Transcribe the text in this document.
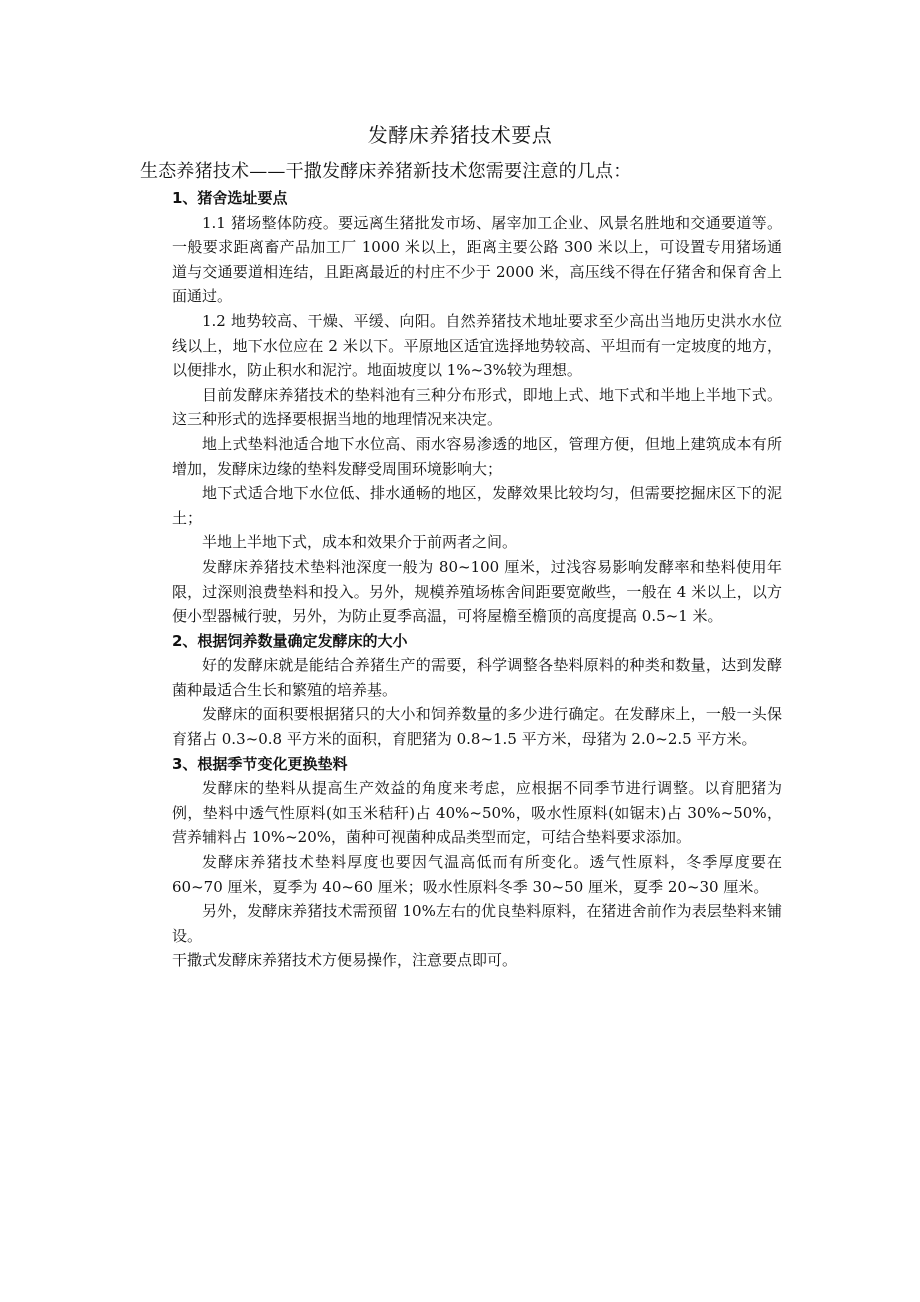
发酵床养猪技术要点
生态养猪技术——干撒发酵床养猪新技术您需要注意的几点：
1、猪舍选址要点

1.1 猪场整体防疫。要远离生猪批发市场、屠宰加工企业、风景名胜地和交通要道等。一般要求距离畜产品加工厂 1000 米以上，距离主要公路 300 米以上，可设置专用猪场通道与交通要道相连结，且距离最近的村庄不少于 2000 米，高压线不得在仔猪舍和保育舍上面通过。

1.2 地势较高、干燥、平缓、向阳。自然养猪技术地址要求至少高出当地历史洪水水位线以上，地下水位应在 2 米以下。平原地区适宜选择地势较高、平坦而有一定坡度的地方，以便排水，防止积水和泥泞。地面坡度以 1%~3%较为理想。

目前发酵床养猪技术的垫料池有三种分布形式，即地上式、地下式和半地上半地下式。这三种形式的选择要根据当地的地理情况来决定。

地上式垫料池适合地下水位高、雨水容易渗透的地区，管理方便，但地上建筑成本有所增加，发酵床边缘的垫料发酵受周围环境影响大；

地下式适合地下水位低、排水通畅的地区，发酵效果比较均匀，但需要挖掘床区下的泥土；

半地上半地下式，成本和效果介于前两者之间。

发酵床养猪技术垫料池深度一般为 80~100 厘米，过浅容易影响发酵率和垫料使用年限，过深则浪费垫料和投入。另外，规模养殖场栋舍间距要宽敞些，一般在 4 米以上，以方便小型器械行驶，另外，为防止夏季高温，可将屋檐至檐顶的高度提高 0.5~1 米。

2、根据饲养数量确定发酵床的大小

好的发酵床就是能结合养猪生产的需要，科学调整各垫料原料的种类和数量，达到发酵菌种最适合生长和繁殖的培养基。

发酵床的面积要根据猪只的大小和饲养数量的多少进行确定。在发酵床上，一般一头保育猪占 0.3~0.8 平方米的面积，育肥猪为 0.8~1.5 平方米，母猪为 2.0~2.5 平方米。

3、根据季节变化更换垫料

发酵床的垫料从提高生产效益的角度来考虑，应根据不同季节进行调整。以育肥猪为例，垫料中透气性原料(如玉米秸秆)占 40%~50%，吸水性原料(如锯末)占 30%~50%，营养辅料占 10%~20%，菌种可视菌种成品类型而定，可结合垫料要求添加。

发酵床养猪技术垫料厚度也要因气温高低而有所变化。透气性原料，冬季厚度要在60~70 厘米，夏季为 40~60 厘米；吸水性原料冬季 30~50 厘米，夏季 20~30 厘米。

另外，发酵床养猪技术需预留 10%左右的优良垫料原料，在猪进舍前作为表层垫料来铺设。

干撒式发酵床养猪技术方便易操作，注意要点即可。
